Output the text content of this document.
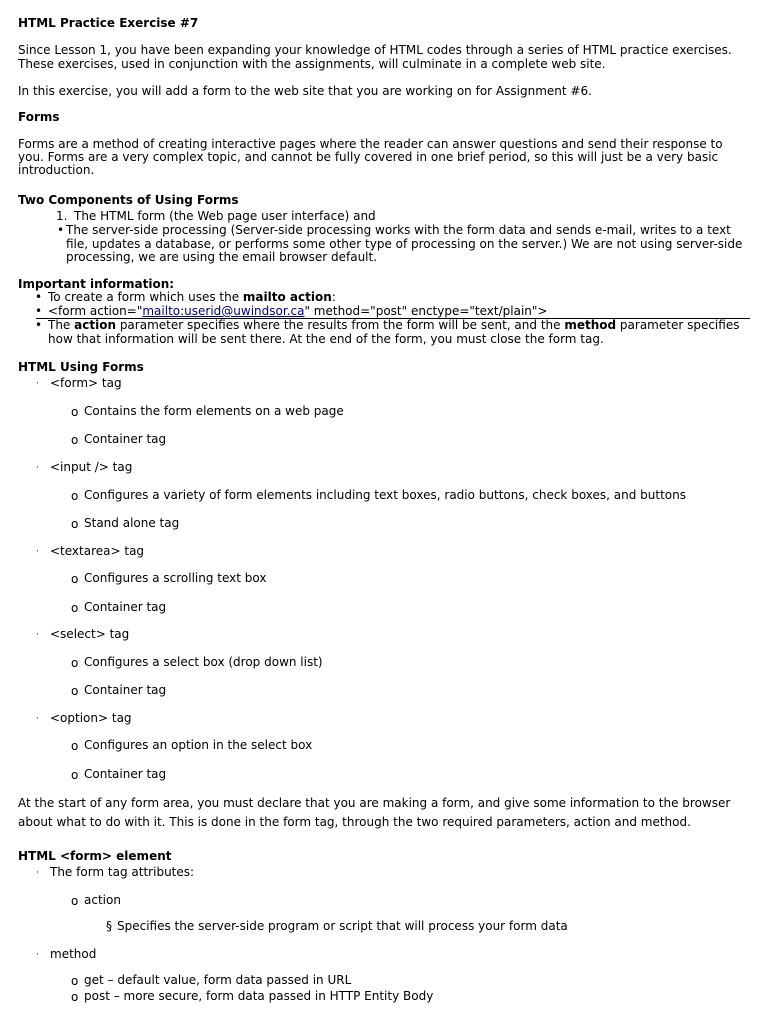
HTML Practice Exercise #7
Since Lesson 1, you have been expanding your knowledge of HTML codes through a series of HTML practice exercises.
These exercises, used in conjunction with the assignments, will culminate in a complete web site.
In this exercise, you will add a form to the web site that you are working on for Assignment #6.
Forms
Forms are a method of creating interactive pages where the reader can answer questions and send their response to
you. Forms are a very complex topic, and cannot be fully covered in one brief period, so this will just be a very basic
introduction.
Two Components of Using Forms
1. The HTML form (the Web page user interface) and
• The server-side processing (Server-side processing works with the form data and sends e-mail, writes to a text
file, updates a database, or performs some other type of processing on the server.) We are not using server-side
processing, we are using the email browser default.
Important information:
• To create a form which uses the mailto action:
• <form action="mailto:userid@uwindsor.ca" method="post" enctype="text/plain">
• The action parameter specifies where the results from the form will be sent, and the method parameter specifies
how that information will be sent there. At the end of the form, you must close the form tag.
HTML Using Forms
· <form> tag
o Contains the form elements on a web page
o Container tag
· <input /> tag
o Configures a variety of form elements including text boxes, radio buttons, check boxes, and buttons
o Stand alone tag
· <textarea> tag
o Configures a scrolling text box
o Container tag
· <select> tag
o Configures a select box (drop down list)
o Container tag
· <option> tag
o Configures an option in the select box
o Container tag
At the start of any form area, you must declare that you are making a form, and give some information to the browser
about what to do with it. This is done in the form tag, through the two required parameters, action and method.
HTML <form> element
· The form tag attributes:
o action
§ Specifies the server-side program or script that will process your form data
· method
o get – default value, form data passed in URL
o post – more secure, form data passed in HTTP Entity Body
